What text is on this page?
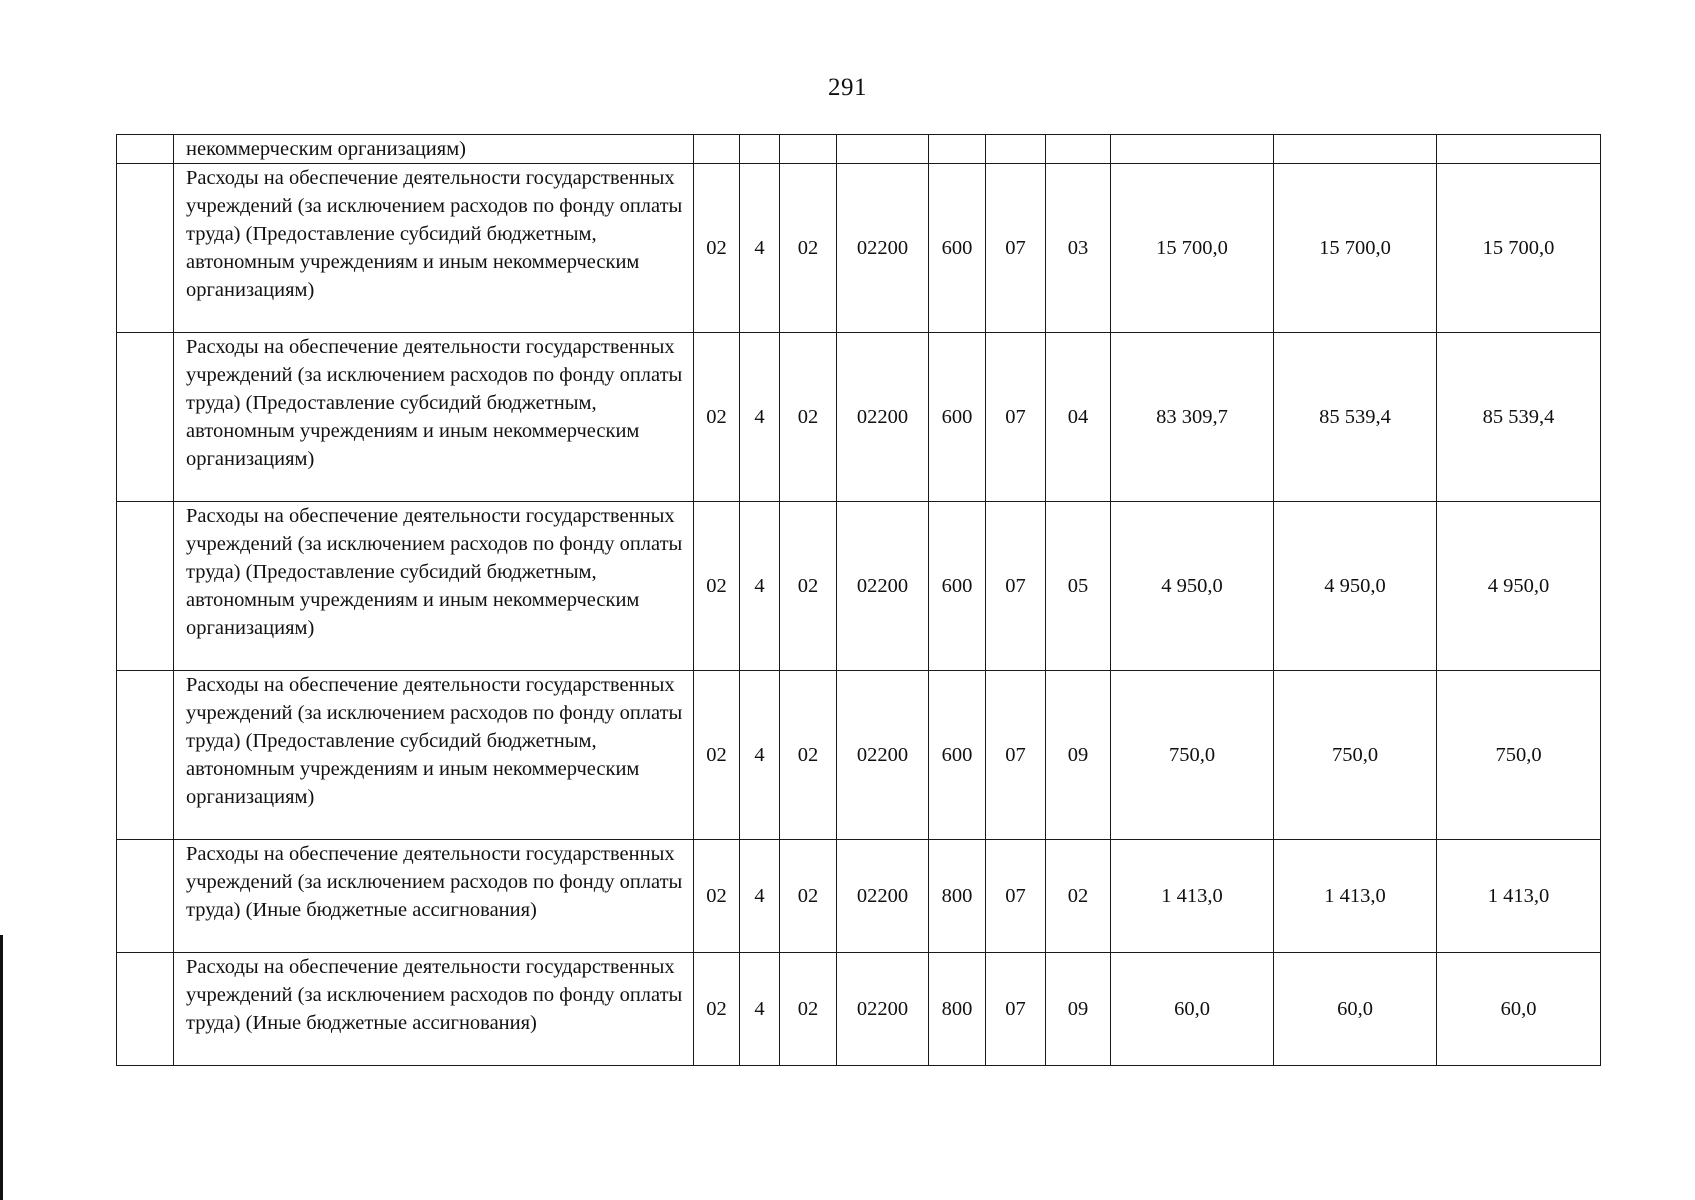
291
	некоммерческим организациям)										
	Расходы на обеспечение деятельности государственных учреждений (за исключением расходов по фонду оплаты труда) (Предоставление субсидий бюджетным, автономным учреждениям и иным некоммерческим организациям)	02	4	02	02200	600	07	03	15 700,0	15 700,0	15 700,0
	Расходы на обеспечение деятельности государственных учреждений (за исключением расходов по фонду оплаты труда) (Предоставление субсидий бюджетным, автономным учреждениям и иным некоммерческим организациям)	02	4	02	02200	600	07	04	83 309,7	85 539,4	85 539,4
	Расходы на обеспечение деятельности государственных учреждений (за исключением расходов по фонду оплаты труда) (Предоставление субсидий бюджетным, автономным учреждениям и иным некоммерческим организациям)	02	4	02	02200	600	07	05	4 950,0	4 950,0	4 950,0
	Расходы на обеспечение деятельности государственных учреждений (за исключением расходов по фонду оплаты труда) (Предоставление субсидий бюджетным, автономным учреждениям и иным некоммерческим организациям)	02	4	02	02200	600	07	09	750,0	750,0	750,0
	Расходы на обеспечение деятельности государственных учреждений (за исключением расходов по фонду оплаты труда) (Иные бюджетные ассигнования)	02	4	02	02200	800	07	02	1 413,0	1 413,0	1 413,0
	Расходы на обеспечение деятельности государственных учреждений (за исключением расходов по фонду оплаты труда) (Иные бюджетные ассигнования)	02	4	02	02200	800	07	09	60,0	60,0	60,0
